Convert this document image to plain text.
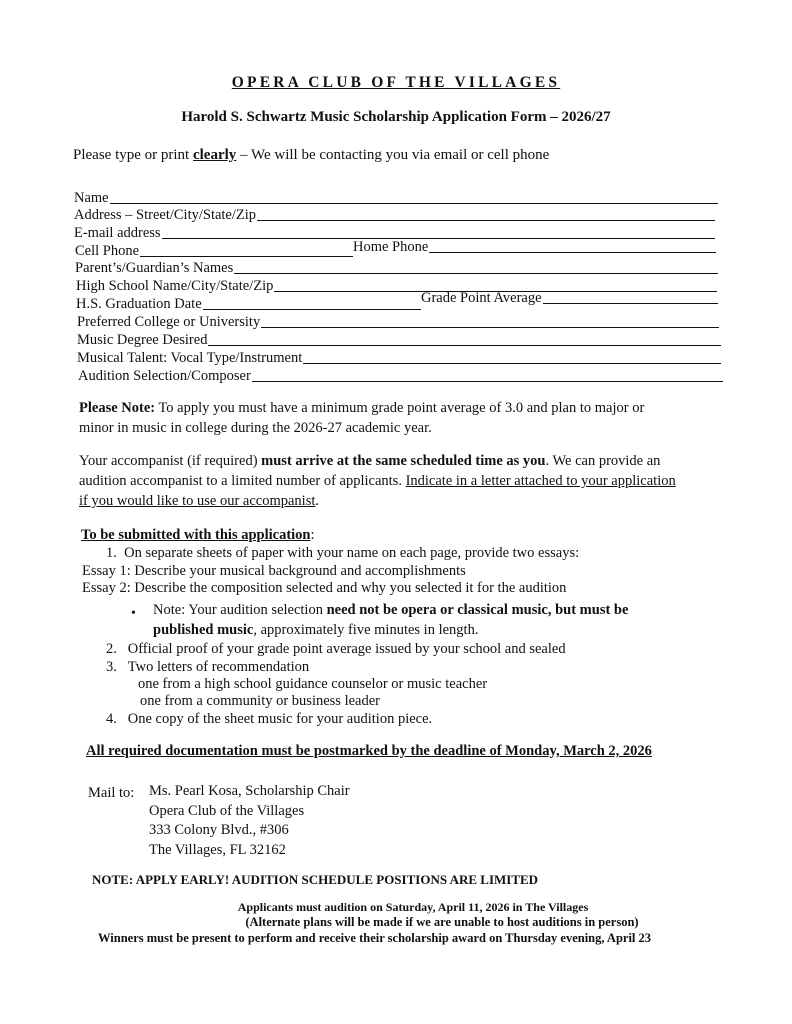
OPERA CLUB OF THE VILLAGES
Harold S. Schwartz Music Scholarship Application Form – 2026/27
Please type or print clearly – We will be contacting you via email or cell phone
Name
Address – Street/City/State/Zip
E-mail address
Cell Phone	Home Phone
Parent’s/Guardian’s Names
High School Name/City/State/Zip
H.S. Graduation Date	Grade Point Average
Preferred College or University
Music Degree Desired
Musical Talent: Vocal Type/Instrument
Audition Selection/Composer
Please Note: To apply you must have a minimum grade point average of 3.0 and plan to major or
minor in music in college during the 2026-27 academic year.
Your accompanist (if required) must arrive at the same scheduled time as you. We can provide an
audition accompanist to a limited number of applicants. Indicate in a letter attached to your application
if you would like to use our accompanist.
To be submitted with this application:
1. On separate sheets of paper with your name on each page, provide two essays:
Essay 1: Describe your musical background and accomplishments
Essay 2: Describe the composition selected and why you selected it for the audition
• Note: Your audition selection need not be opera or classical music, but must be
published music, approximately five minutes in length.
2. Official proof of your grade point average issued by your school and sealed
3. Two letters of recommendation
one from a high school guidance counselor or music teacher
one from a community or business leader
4. One copy of the sheet music for your audition piece.
All required documentation must be postmarked by the deadline of Monday, March 2, 2026
Mail to: Ms. Pearl Kosa, Scholarship Chair
Opera Club of the Villages
333 Colony Blvd., #306
The Villages, FL 32162
NOTE: APPLY EARLY! AUDITION SCHEDULE POSITIONS ARE LIMITED
Applicants must audition on Saturday, April 11, 2026 in The Villages
(Alternate plans will be made if we are unable to host auditions in person)
Winners must be present to perform and receive their scholarship award on Thursday evening, April 23
